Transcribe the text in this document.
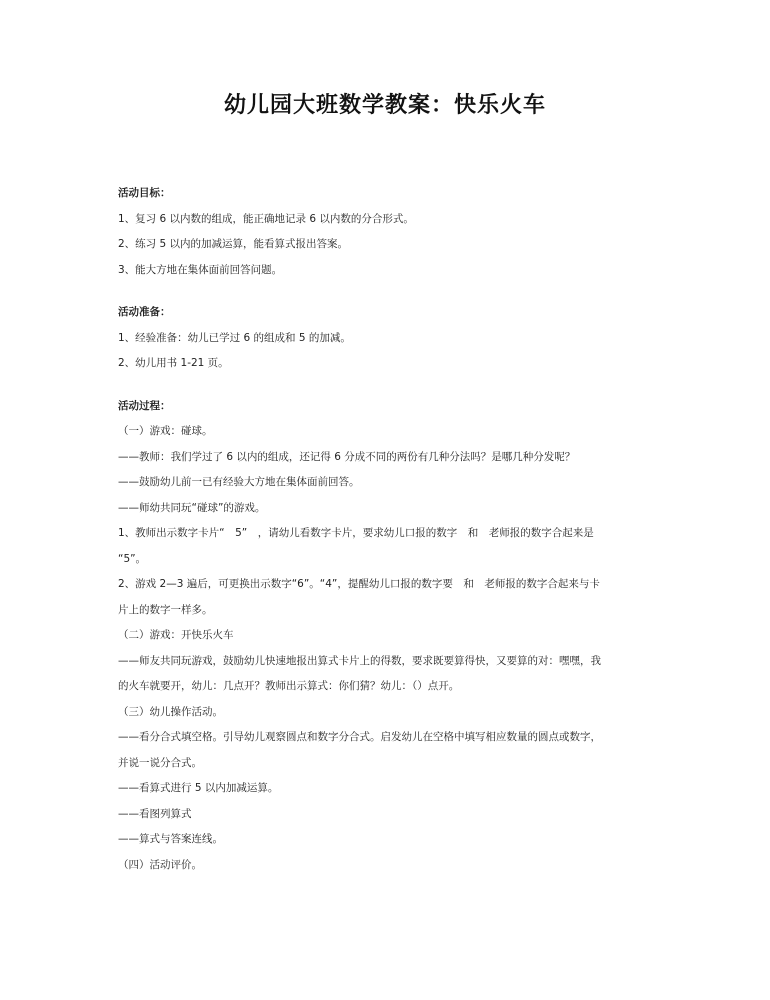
幼儿园大班数学教案：快乐火车
活动目标：
1、复习 6 以内数的组成，能正确地记录 6 以内数的分合形式。
2、练习 5 以内的加减运算，能看算式报出答案。
3、能大方地在集体面前回答问题。
活动准备：
1、经验准备：幼儿已学过 6 的组成和 5 的加减。
2、幼儿用书 1-21 页。
活动过程：
（一）游戏：碰球。
——教师：我们学过了 6 以内的组成，还记得 6 分成不同的两份有几种分法吗？是哪几种分发呢？
——鼓励幼儿前一已有经验大方地在集体面前回答。
——师幼共同玩“碰球”的游戏。
1、教师出示数字卡片“　5”　，请幼儿看数字卡片，要求幼儿口报的数字　和　老师报的数字合起来是
“5”。
2、游戏 2—3 遍后，可更换出示数字“6”。“4”，提醒幼儿口报的数字要　和　老师报的数字合起来与卡
片上的数字一样多。
（二）游戏：开快乐火车
——师友共同玩游戏，鼓励幼儿快速地报出算式卡片上的得数，要求既要算得快，又要算的对：嘿嘿，我
的火车就要开，幼儿：几点开？教师出示算式：你们猜？幼儿：（）点开。
（三）幼儿操作活动。
——看分合式填空格。引导幼儿观察圆点和数字分合式。启发幼儿在空格中填写相应数量的圆点或数字，
并说一说分合式。
——看算式进行 5 以内加减运算。
——看图列算式
——算式与答案连线。
（四）活动评价。
